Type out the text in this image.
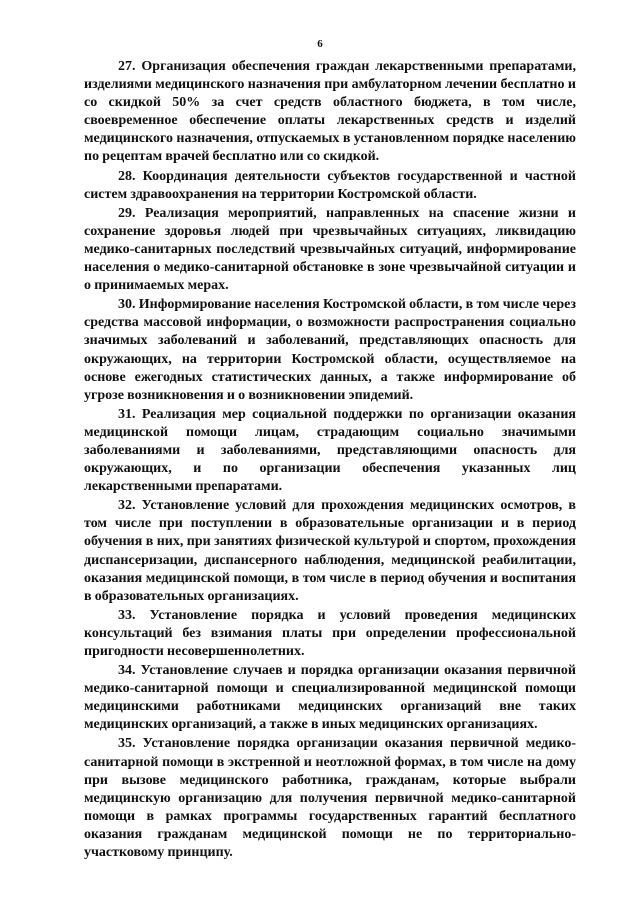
6

27. Организация обеспечения граждан лекарственными препаратами, изделиями медицинского назначения при амбулаторном лечении бесплатно и со скидкой 50% за счет средств областного бюджета, в том числе, своевременное обеспечение оплаты лекарственных средств и изделий медицинского назначения, отпускаемых в установленном порядке населению по рецептам врачей бесплатно или со скидкой.

28. Координация деятельности субъектов государственной и частной систем здравоохранения на территории Костромской области.

29. Реализация мероприятий, направленных на спасение жизни и сохранение здоровья людей при чрезвычайных ситуациях, ликвидацию медико-санитарных последствий чрезвычайных ситуаций, информирование населения о медико-санитарной обстановке в зоне чрезвычайной ситуации и о принимаемых мерах.

30. Информирование населения Костромской области, в том числе через средства массовой информации, о возможности распространения социально значимых заболеваний и заболеваний, представляющих опасность для окружающих, на территории Костромской области, осуществляемое на основе ежегодных статистических данных, а также информирование об угрозе возникновения и о возникновении эпидемий.

31. Реализация мер социальной поддержки по организации оказания медицинской помощи лицам, страдающим социально значимыми заболеваниями и заболеваниями, представляющими опасность для окружающих, и по организации обеспечения указанных лиц лекарственными препаратами.

32. Установление условий для прохождения медицинских осмотров, в том числе при поступлении в образовательные организации и в период обучения в них, при занятиях физической культурой и спортом, прохождения диспансеризации, диспансерного наблюдения, медицинской реабилитации, оказания медицинской помощи, в том числе в период обучения и воспитания в образовательных организациях.

33. Установление порядка и условий проведения медицинских консультаций без взимания платы при определении профессиональной пригодности несовершеннолетних.

34. Установление случаев и порядка организации оказания первичной медико-санитарной помощи и специализированной медицинской помощи медицинскими работниками медицинских организаций вне таких медицинских организаций, а также в иных медицинских организациях.

35. Установление порядка организации оказания первичной медико-санитарной помощи в экстренной и неотложной формах, в том числе на дому при вызове медицинского работника, гражданам, которые выбрали медицинскую организацию для получения первичной медико-санитарной помощи в рамках программы государственных гарантий бесплатного оказания гражданам медицинской помощи не по территориально-участковому принципу.
